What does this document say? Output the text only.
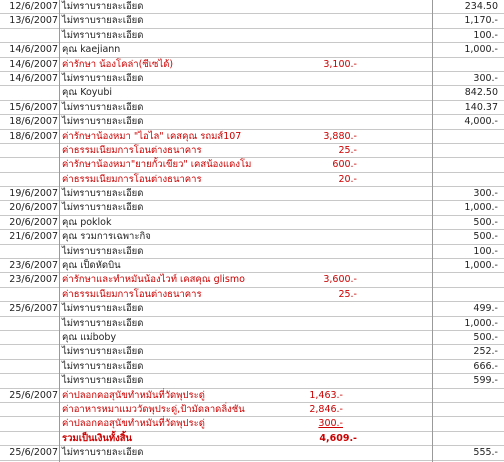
12/6/2007 ไม่ทราบรายละเอียด	234.50
13/6/2007 ไม่ทราบรายละเอียด	1,170.-
ไม่ทราบรายละเอียด	100.-
14/6/2007 คุณ kaejiann	1,000.-
14/6/2007 ค่ารักษา น้องโคล่า(ซีเซได้)	3,100.-
14/6/2007 ไม่ทราบรายละเอียด	300.-
คุณ Koyubi	842.50
15/6/2007 ไม่ทราบรายละเอียด	140.37
18/6/2007 ไม่ทราบรายละเอียด	4,000.-
18/6/2007 ค่ารักษาน้องหมา "ไอไล" เคสคุณ รถมส์107	3,880.-
ค่าธรรมเนียมการโอนต่างธนาคาร	25.-
ค่ารักษาน้องหมา"ยายกั้วเขียว" เคสน้องแดงโม	600.-
ค่าธรรมเนียมการโอนต่างธนาคาร	20.-
19/6/2007 ไม่ทราบรายละเอียด	300.-
20/6/2007 ไม่ทราบรายละเอียด	1,000.-
20/6/2007 คุณ poklok	500.-
21/6/2007 คุณ รวมการเฉพาะกิจ	500.-
ไม่ทราบรายละเอียด	100.-
23/6/2007 คุณ เป็ดหัดบิน	1,000.-
23/6/2007 ค่ารักษาและทำหมันน้องไวท์ เคสคุณ glismo	3,600.-
ค่าธรรมเนียมการโอนต่างธนาคาร	25.-
25/6/2007 ไม่ทราบรายละเอียด	499.-
ไม่ทราบรายละเอียด	1,000.-
คุณ แม่boby	500.-
ไม่ทราบรายละเอียด	252.-
ไม่ทราบรายละเอียด	666.-
ไม่ทราบรายละเอียด	599.-
25/6/2007 ค่าปลอกคอสุนัขทำหมันที่วัดพุประดู่	1,463.-
ค่าอาหารหมาแมววัดพุประดู่,ป้ามัดลาดลิ่งชัน	2,846.-
ค่าปลอกคอสุนัขทำหมันที่วัดพุประดู่	300.-
รวมเป็นเงินทั้งสิ้น	4,609.-
25/6/2007 ไม่ทราบรายละเอียด	555.-
